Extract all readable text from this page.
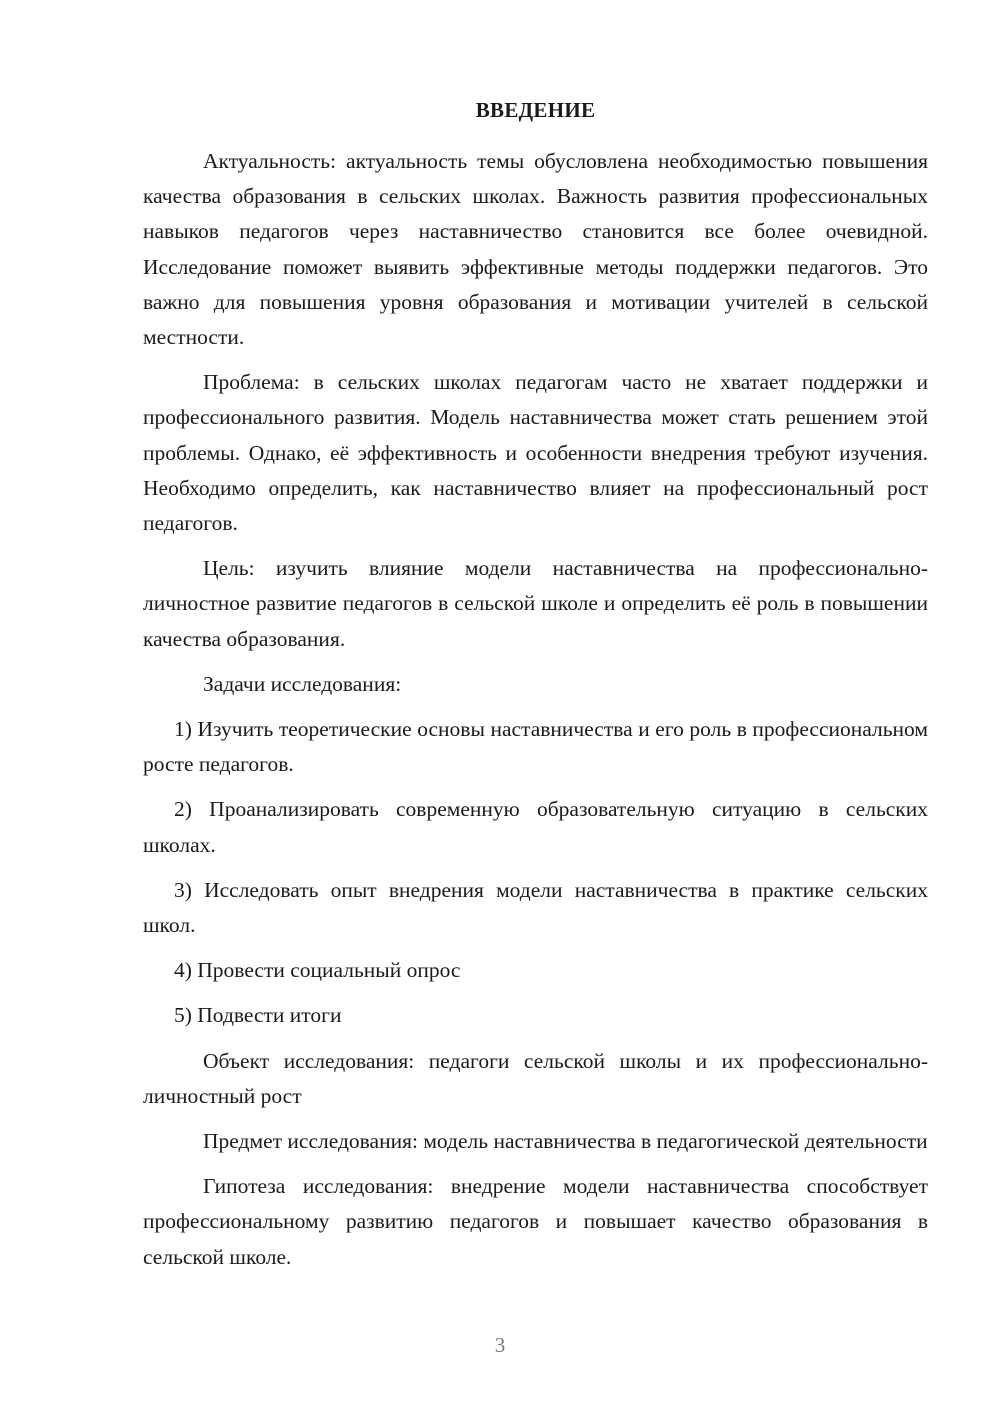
ВВЕДЕНИЕ

Актуальность: актуальность темы обусловлена необходимостью повышения качества образования в сельских школах. Важность развития профессиональных навыков педагогов через наставничество становится все более очевидной. Исследование поможет выявить эффективные методы поддержки педагогов. Это важно для повышения уровня образования и мотивации учителей в сельской местности.

Проблема: в сельских школах педагогам часто не хватает поддержки и профессионального развития. Модель наставничества может стать решением этой проблемы. Однако, её эффективность и особенности внедрения требуют изучения. Необходимо определить, как наставничество влияет на профессиональный рост педагогов.

Цель: изучить влияние модели наставничества на профессионально-личностное развитие педагогов в сельской школе и определить её роль в повышении качества образования.

Задачи исследования:

1) Изучить теоретические основы наставничества и его роль в профессиональном росте педагогов.

2) Проанализировать современную образовательную ситуацию в сельских школах.

3) Исследовать опыт внедрения модели наставничества в практике сельских школ.

4) Провести социальный опрос

5) Подвести итоги

Объект исследования: педагоги сельской школы и их профессионально-личностный рост

Предмет исследования: модель наставничества в педагогической деятельности

Гипотеза исследования: внедрение модели наставничества способствует профессиональному развитию педагогов и повышает качество образования в сельской школе.

3
